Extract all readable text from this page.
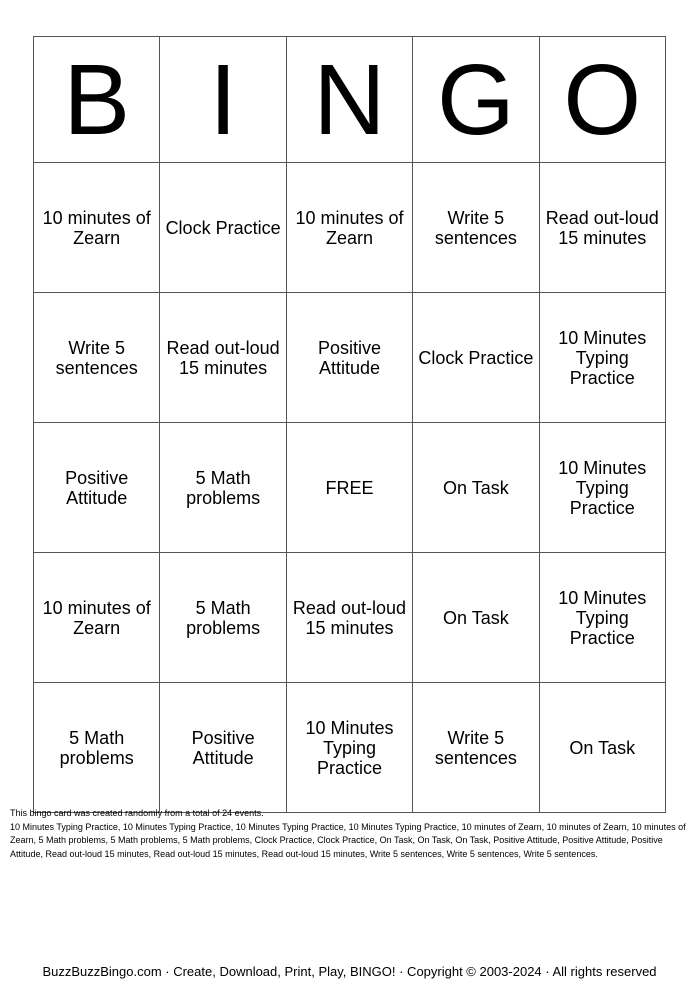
B	I	N	G	O
10 minutes of Zearn	Clock Practice	10 minutes of Zearn	Write 5 sentences	Read out-loud 15 minutes
Write 5 sentences	Read out-loud 15 minutes	Positive Attitude	Clock Practice	10 Minutes Typing Practice
Positive Attitude	5 Math problems	FREE	On Task	10 Minutes Typing Practice
10 minutes of Zearn	5 Math problems	Read out-loud 15 minutes	On Task	10 Minutes Typing Practice
5 Math problems	Positive Attitude	10 Minutes Typing Practice	Write 5 sentences	On Task
This bingo card was created randomly from a total of 24 events.
10 Minutes Typing Practice, 10 Minutes Typing Practice, 10 Minutes Typing Practice, 10 Minutes Typing Practice, 10 minutes of Zearn, 10 minutes of Zearn, 10 minutes of Zearn, 5 Math problems, 5 Math problems, 5 Math problems, Clock Practice, Clock Practice, On Task, On Task, On Task, Positive Attitude, Positive Attitude, Positive Attitude, Read out-loud 15 minutes, Read out-loud 15 minutes, Read out-loud 15 minutes, Write 5 sentences, Write 5 sentences, Write 5 sentences.
BuzzBuzzBingo.com · Create, Download, Print, Play, BINGO! · Copyright © 2003-2024 · All rights reserved
